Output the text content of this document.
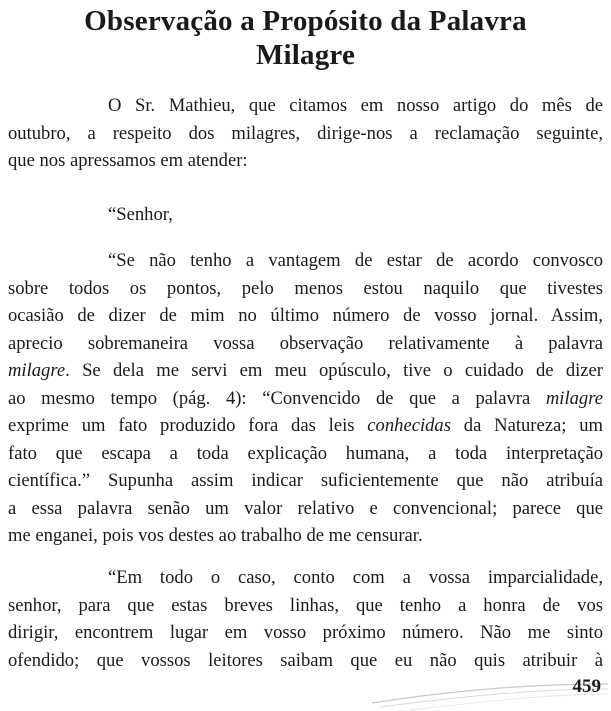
Observação a Propósito da Palavra
Milagre

O Sr. Mathieu, que citamos em nosso artigo do mês de
outubro, a respeito dos milagres, dirige-nos a reclamação seguinte,
que nos apressamos em atender:

“Senhor,

“Se não tenho a vantagem de estar de acordo convosco
sobre todos os pontos, pelo menos estou naquilo que tivestes
ocasião de dizer de mim no último número de vosso jornal. Assim,
aprecio sobremaneira vossa observação relativamente à palavra
milagre. Se dela me servi em meu opúsculo, tive o cuidado de dizer
ao mesmo tempo (pág. 4): “Convencido de que a palavra milagre
exprime um fato produzido fora das leis conhecidas da Natureza; um
fato que escapa a toda explicação humana, a toda interpretação
científica.” Supunha assim indicar suficientemente que não atribuía
a essa palavra senão um valor relativo e convencional; parece que
me enganei, pois vos destes ao trabalho de me censurar.

“Em todo o caso, conto com a vossa imparcialidade,
senhor, para que estas breves linhas, que tenho a honra de vos
dirigir, encontrem lugar em vosso próximo número. Não me sinto
ofendido; que vossos leitores saibam que eu não quis atribuir à

459
